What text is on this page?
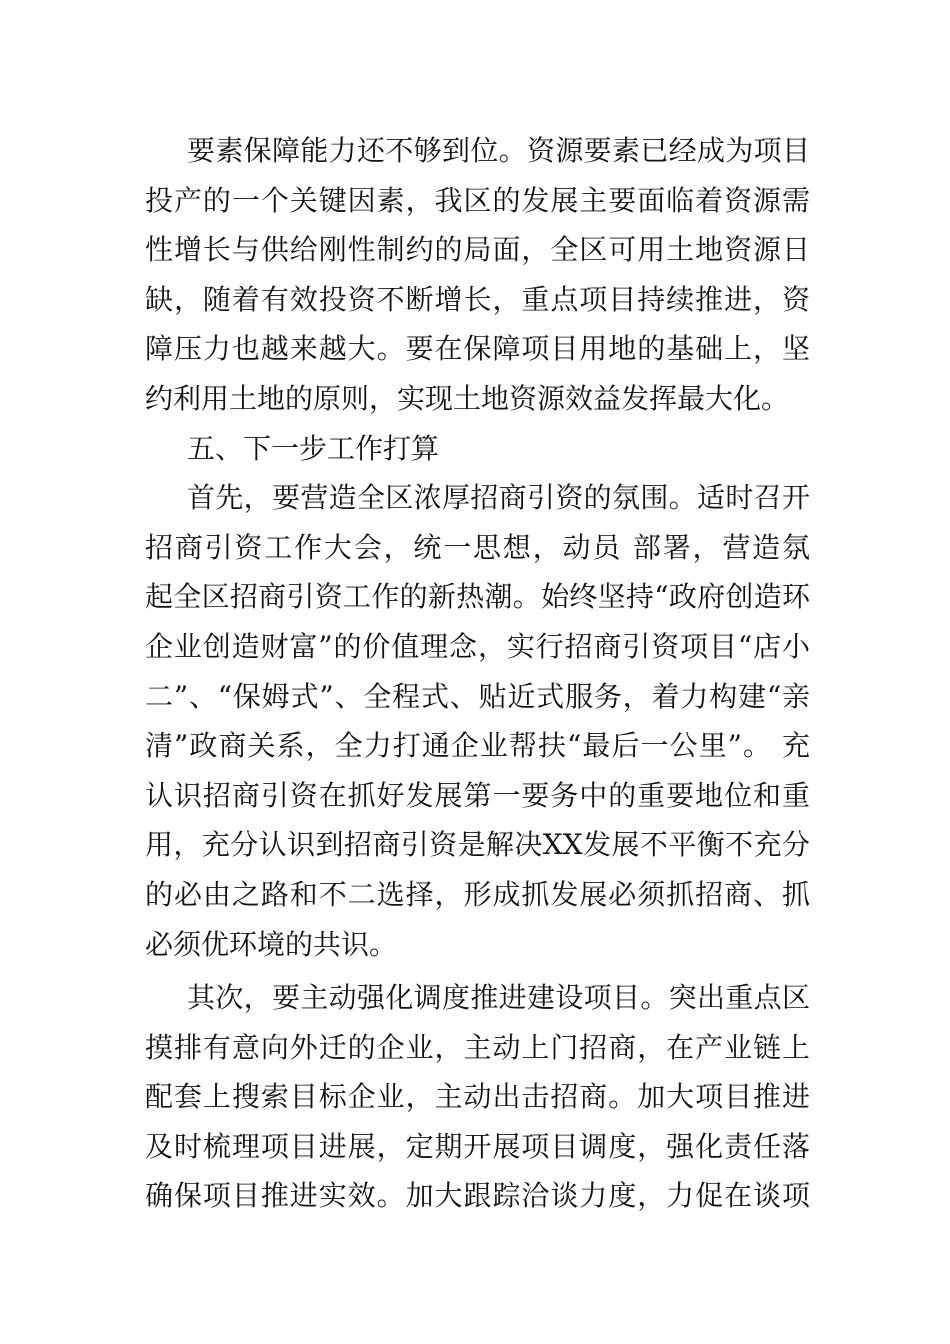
要素保障能力还不够到位。资源要素已经成为项目
投产的一个关键因素，我区的发展主要面临着资源需
性增长与供给刚性制约的局面，全区可用土地资源日
缺，随着有效投资不断增长，重点项目持续推进，资
障压力也越来越大。要在保障项目用地的基础上，坚
约利用土地的原则，实现土地资源效益发挥最大化。
五、下一步工作打算
首先，要营造全区浓厚招商引资的氛围。适时召开
招商引资工作大会，统一思想，动员 部署，营造氛
起全区招商引资工作的新热潮。始终坚持“政府创造环
企业创造财富”的价值理念，实行招商引资项目“店小
二”、“保姆式”、全程式、贴近式服务，着力构建“亲
清”政商关系，全力打通企业帮扶“最后一公里”。 充
认识招商引资在抓好发展第一要务中的重要地位和重
用，充分认识到招商引资是解决XX发展不平衡不充分
的必由之路和不二选择，形成抓发展必须抓招商、抓
必须优环境的共识。
其次，要主动强化调度推进建设项目。突出重点区
摸排有意向外迁的企业，主动上门招商，在产业链上
配套上搜索目标企业，主动出击招商。加大项目推进
及时梳理项目进展，定期开展项目调度，强化责任落
确保项目推进实效。加大跟踪洽谈力度，力促在谈项
